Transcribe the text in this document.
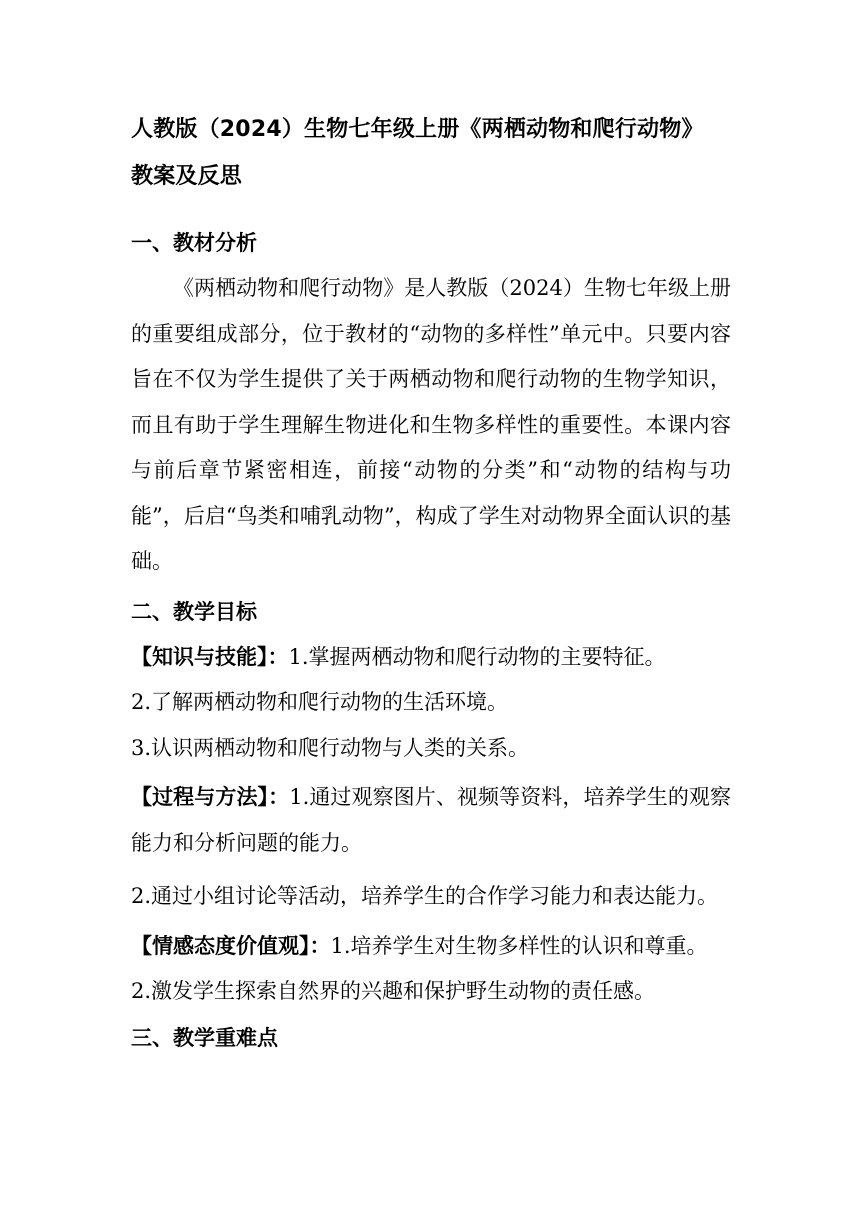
人教版（2024）生物七年级上册《两栖动物和爬行动物》

教案及反思

一、教材分析

《两栖动物和爬行动物》是人教版（2024）生物七年级上册的重要组成部分，位于教材的“动物的多样性”单元中。只要内容旨在不仅为学生提供了关于两栖动物和爬行动物的生物学知识，而且有助于学生理解生物进化和生物多样性的重要性。本课内容与前后章节紧密相连，前接“动物的分类”和“动物的结构与功能”，后启“鸟类和哺乳动物”，构成了学生对动物界全面认识的基础。

二、教学目标

【知识与技能】：1.掌握两栖动物和爬行动物的主要特征。

2.了解两栖动物和爬行动物的生活环境。

3.认识两栖动物和爬行动物与人类的关系。

【过程与方法】：1.通过观察图片、视频等资料，培养学生的观察能力和分析问题的能力。

2.通过小组讨论等活动，培养学生的合作学习能力和表达能力。

【情感态度价值观】：1.培养学生对生物多样性的认识和尊重。

2.激发学生探索自然界的兴趣和保护野生动物的责任感。

三、教学重难点
